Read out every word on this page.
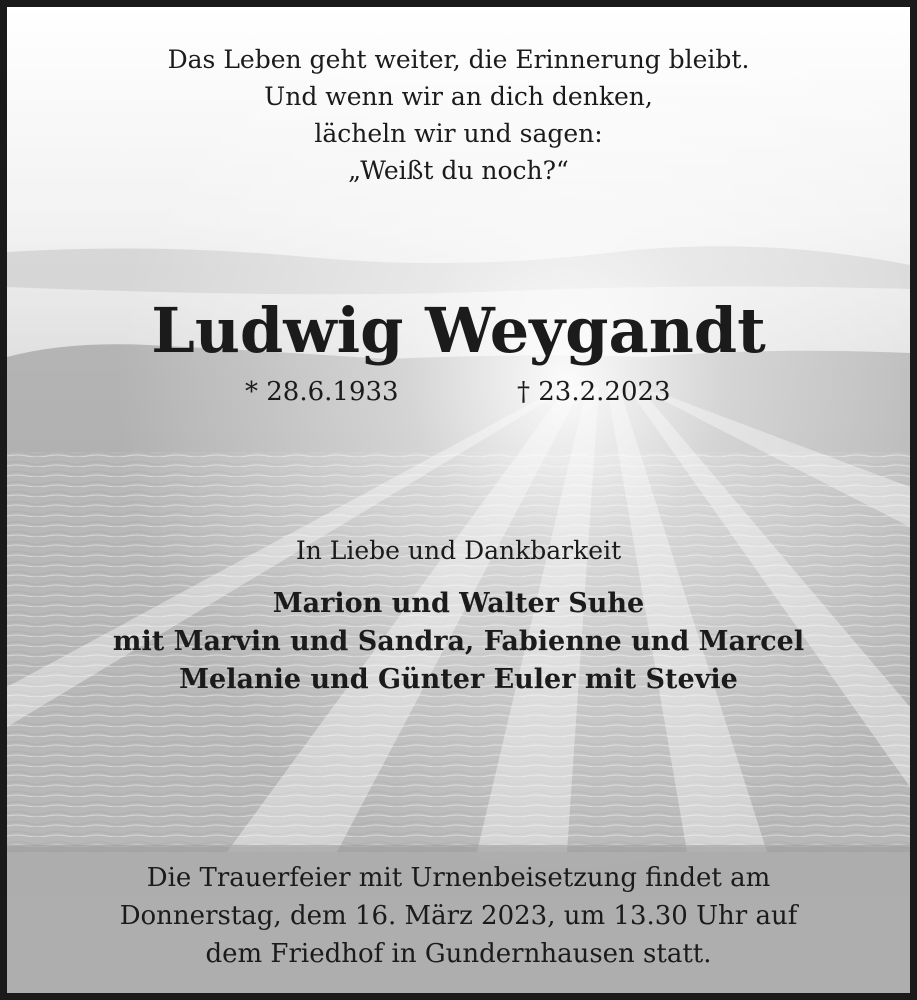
Das Leben geht weiter, die Erinnerung bleibt.
Und wenn wir an dich denken,
lächeln wir und sagen:
„Weißt du noch?“
Ludwig Weygandt
* 28.6.1933	† 23.2.2023
In Liebe und Dankbarkeit
Marion und Walter Suhe
mit Marvin und Sandra, Fabienne und Marcel
Melanie und Günter Euler mit Stevie
Die Trauerfeier mit Urnenbeisetzung findet am
Donnerstag, dem 16. März 2023, um 13.30 Uhr auf
dem Friedhof in Gundernhausen statt.
